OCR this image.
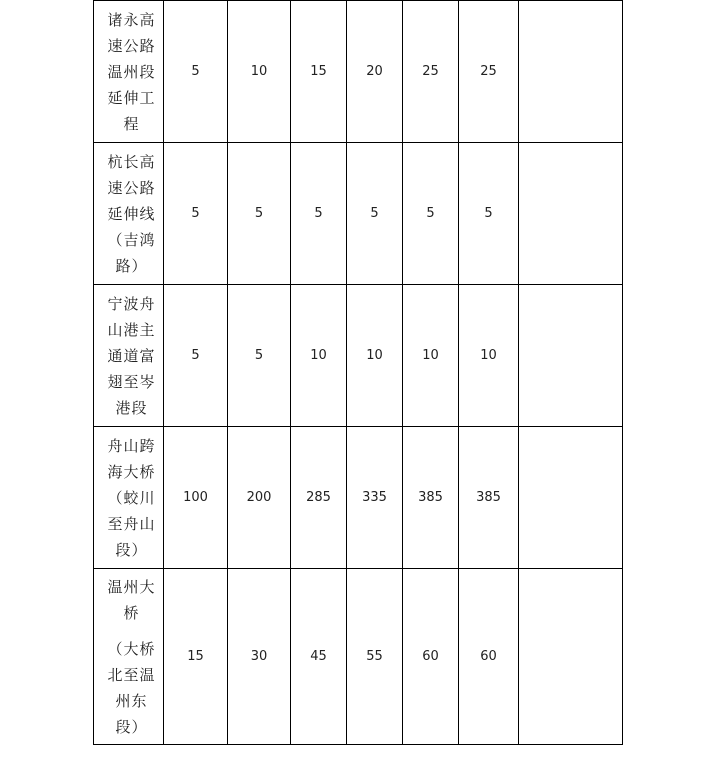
诸永高速公路温州段延伸工程	5	10	15	20	25	25	

杭长高速公路延伸线（吉鸿路）	5	5	5	5	5	5	

宁波舟山港主通道富翅至岑港段	5	5	10	10	10	10	

舟山跨海大桥（蛟川至舟山段）	100	200	285	335	385	385	

温州大桥
（大桥北至温州东段）	15	30	45	55	60	60	
